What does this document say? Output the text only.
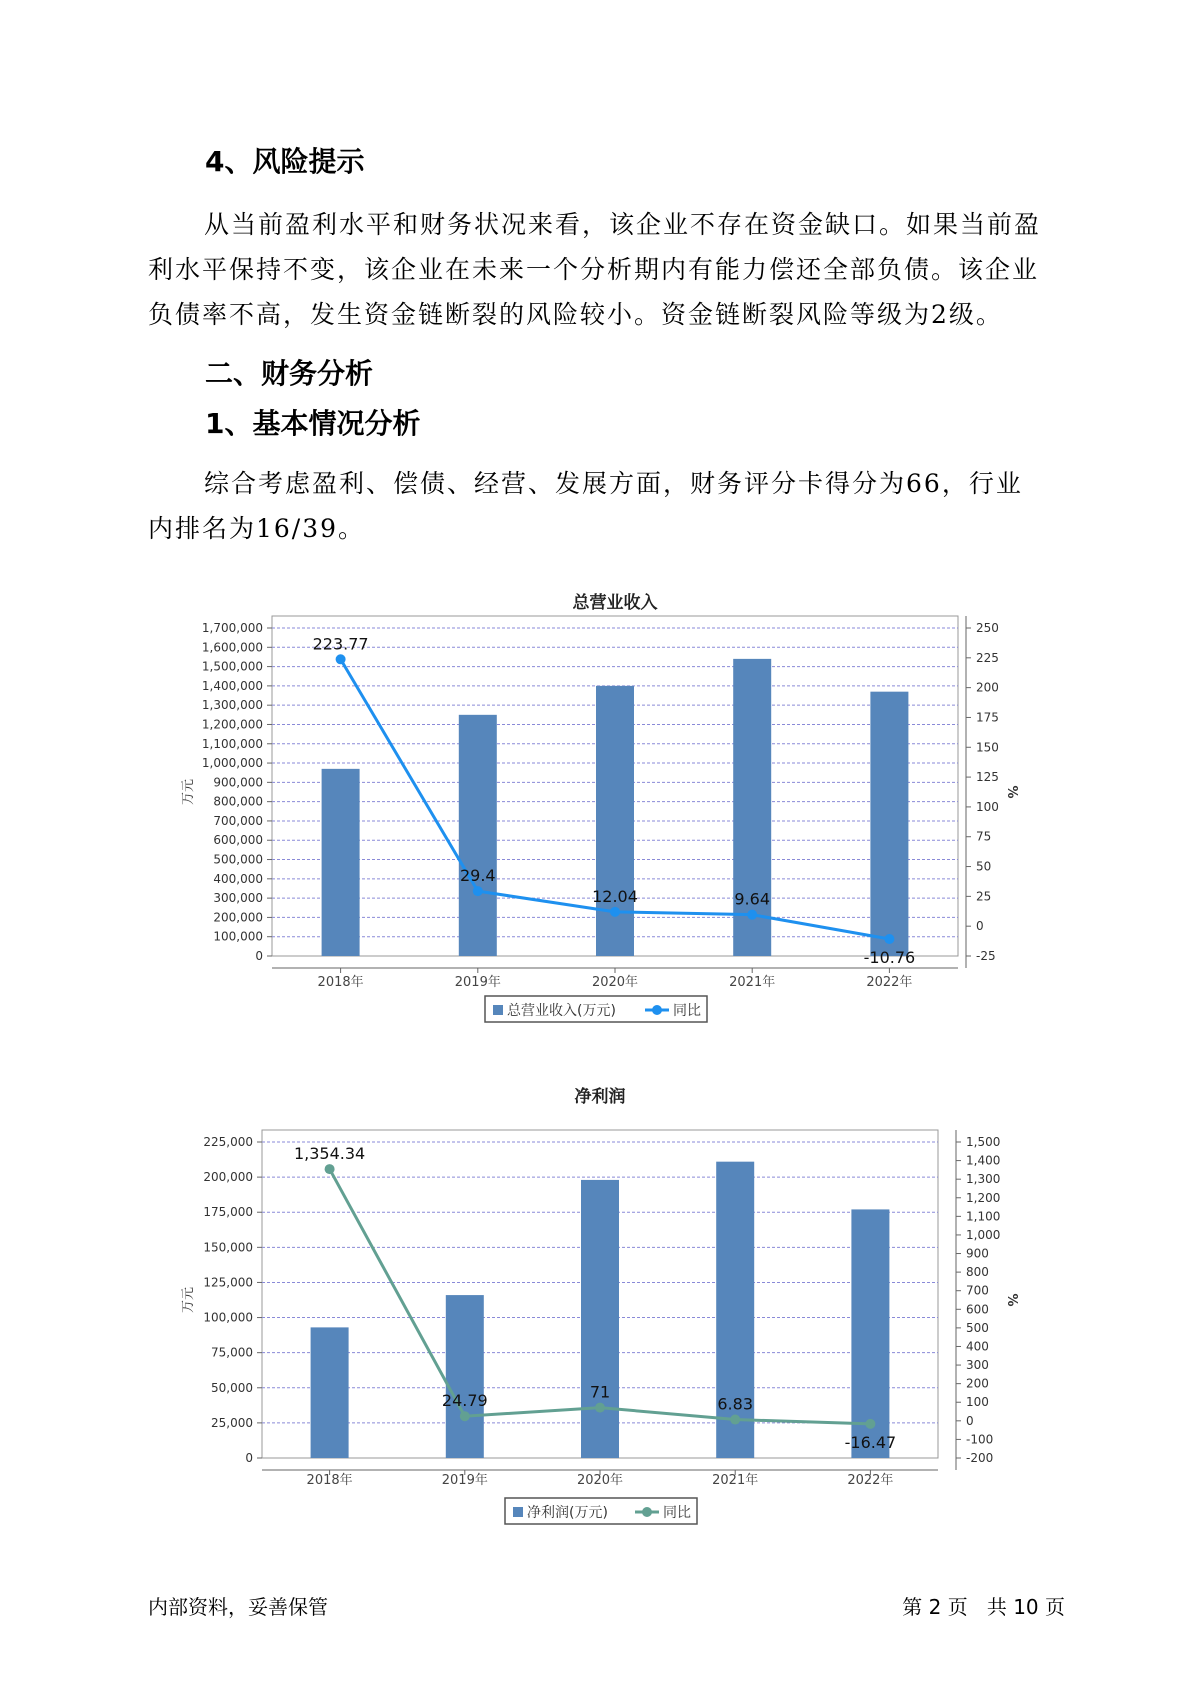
4、风险提示

从当前盈利水平和财务状况来看，该企业不存在资金缺口。如果当前盈利水平保持不变，该企业在未来一个分析期内有能力偿还全部负债。该企业负债率不高，发生资金链断裂的风险较小。资金链断裂风险等级为2级。

二、财务分析
1、基本情况分析

综合考虑盈利、偿债、经营、发展方面，财务评分卡得分为66，行业内排名为16/39。

总营业收入
0
100,000
200,000
300,000
400,000
500,000
600,000
700,000
800,000
900,000
1,000,000
1,100,000
1,200,000
1,300,000
1,400,000
1,500,000
1,600,000
1,700,000
万元
-25
0
25
50
75
100
125
150
175
200
225
250
%
2018年	2019年	2020年	2021年	2022年
223.77
29.4
12.04	9.64
-10.76
总营业收入(万元)	同比
净利润
0
25,000
50,000
75,000
100,000
125,000
150,000
175,000
200,000
225,000
万元
-200
-100
0
100
200
300
400
500
600
700
800
900
1,000
1,100
1,200
1,300
1,400
1,500
%
2018年	2019年	2020年	2021年	2022年
1,354.34
24.79	71
6.83
-16.47
净利润(万元)	同比
内部资料，妥善保管	第 2 页 共 10 页
